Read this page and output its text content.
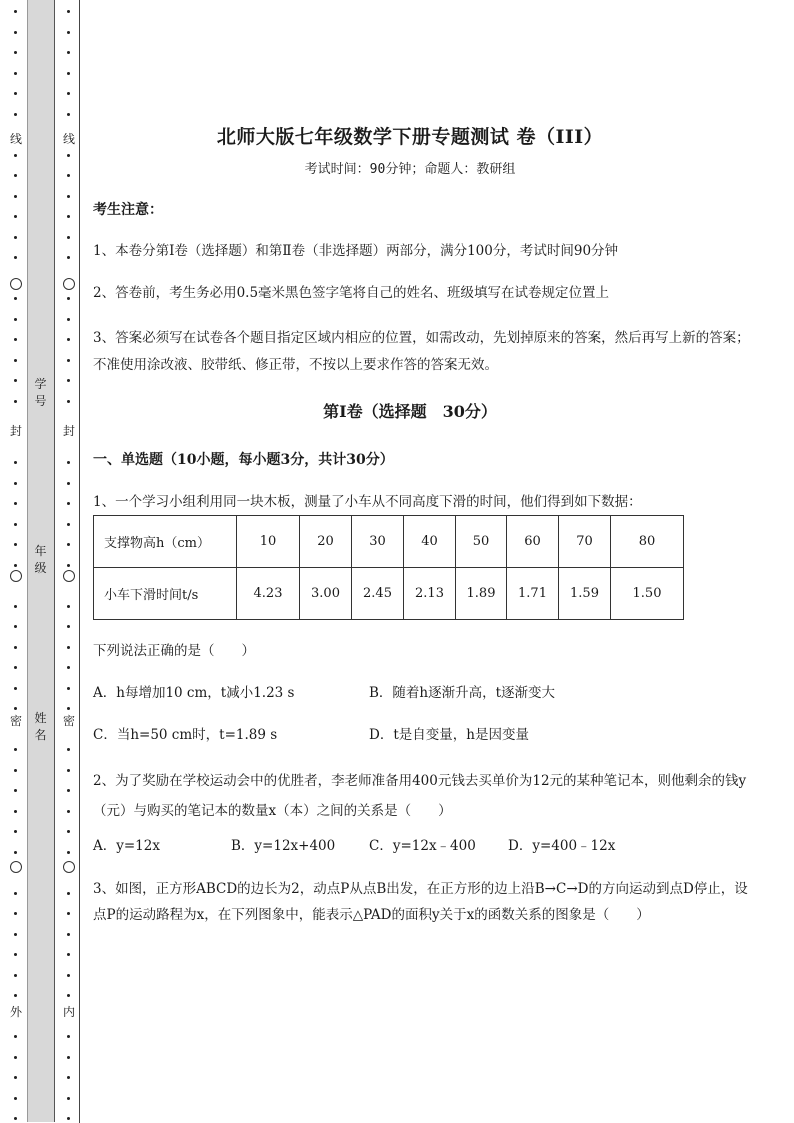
线
封
密
外
学号
年级
姓名
线
封
密
内
北师大版七年级数学下册专题测试 卷（III）
考试时间：90分钟；命题人：教研组
考生注意：
1、本卷分第Ⅰ卷（选择题）和第Ⅱ卷（非选择题）两部分，满分100分，考试时间90分钟
2、答卷前，考生务必用0.5毫米黑色签字笔将自己的姓名、班级填写在试卷规定位置上
3、答案必须写在试卷各个题目指定区域内相应的位置，如需改动，先划掉原来的答案，然后再写上新的答案；不准使用涂改液、胶带纸、修正带，不按以上要求作答的答案无效。
第Ⅰ卷（选择题　30分）
一、单选题（10小题，每小题3分，共计30分）
1、一个学习小组利用同一块木板，测量了小车从不同高度下滑的时间，他们得到如下数据：
支撑物高h（cm）	10	20	30	40	50	60	70	80
小车下滑时间t/s	4.23	3.00	2.45	2.13	1.89	1.71	1.59	1.50
下列说法正确的是（　　）
A．h每增加10 cm，t减小1.23 s	B．随着h逐渐升高，t逐渐变大
C．当h=50 cm时，t=1.89 s	D．t是自变量，h是因变量
2、为了奖励在学校运动会中的优胜者，李老师准备用400元钱去买单价为12元的某种笔记本，则他剩余的钱y（元）与购买的笔记本的数量x（本）之间的关系是（　　）
A．y=12x	B．y=12x+400	C．y=12x﹣400 D．y=400﹣12x
3、如图，正方形ABCD的边长为2，动点P从点B出发，在正方形的边上沿B→C→D的方向运动到点D停止，设点P的运动路程为x，在下列图象中，能表示△PAD的面积y关于x的函数关系的图象是（　　）
